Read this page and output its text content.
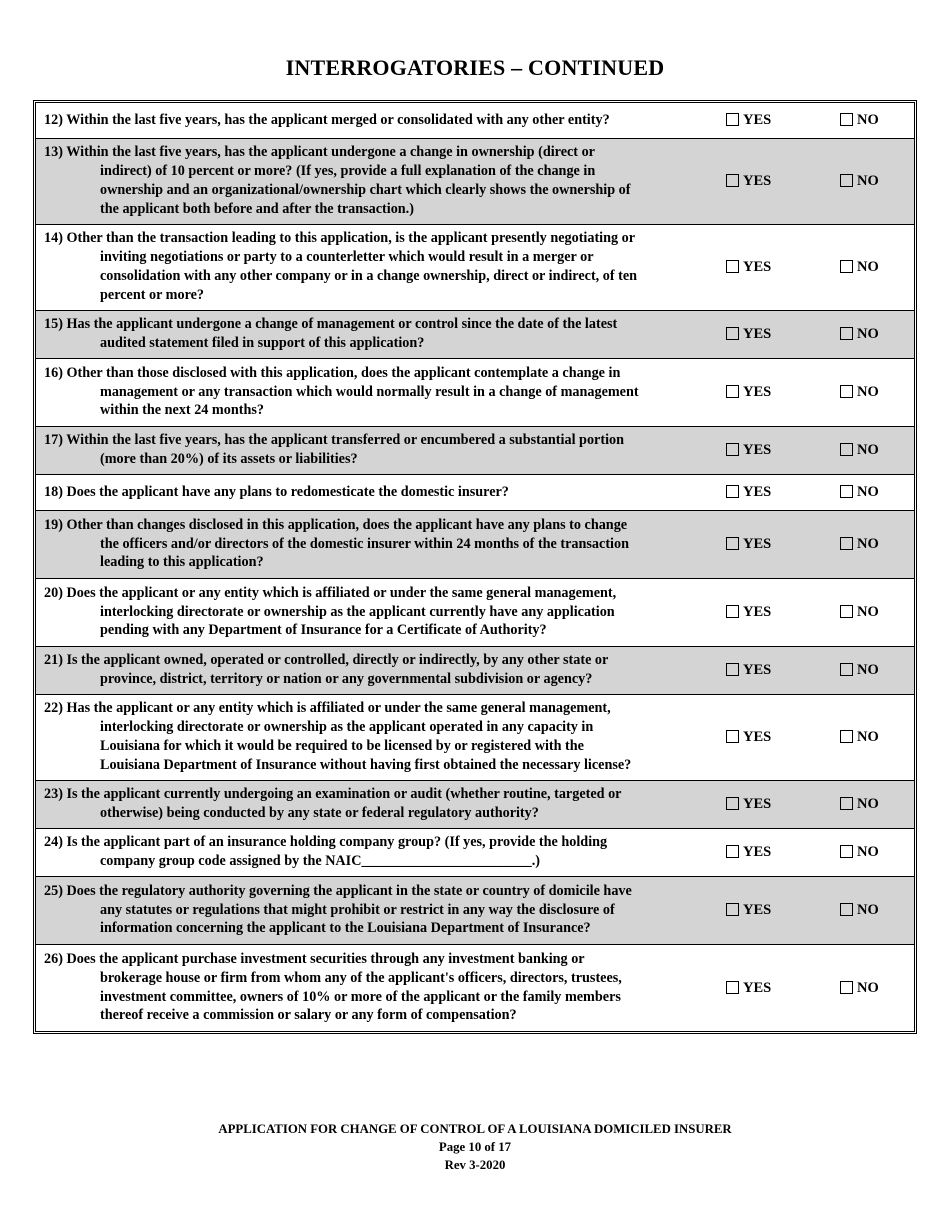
INTERROGATORIES – CONTINUED
12) Within the last five years, has the applicant merged or consolidated with any other entity?	YES	NO
13) Within the last five years, has the applicant undergone a change in ownership (direct or
indirect) of 10 percent or more? (If yes, provide a full explanation of the change in
ownership and an organizational/ownership chart which clearly shows the ownership of
the applicant both before and after the transaction.)
YES	NO
14) Other than the transaction leading to this application, is the applicant presently negotiating or
inviting negotiations or party to a counterletter which would result in a merger or
consolidation with any other company or in a change ownership, direct or indirect, of ten
percent or more?
YES	NO
15) Has the applicant undergone a change of management or control since the date of the latest
audited statement filed in support of this application?
YES	NO
16) Other than those disclosed with this application, does the applicant contemplate a change in
management or any transaction which would normally result in a change of management
within the next 24 months?
YES	NO
17) Within the last five years, has the applicant transferred or encumbered a substantial portion
(more than 20%) of its assets or liabilities?
YES	NO
18) Does the applicant have any plans to redomesticate the domestic insurer?	YES	NO
19) Other than changes disclosed in this application, does the applicant have any plans to change
the officers and/or directors of the domestic insurer within 24 months of the transaction
leading to this application?
YES	NO
20) Does the applicant or any entity which is affiliated or under the same general management,
interlocking directorate or ownership as the applicant currently have any application
pending with any Department of Insurance for a Certificate of Authority?
YES	NO
21) Is the applicant owned, operated or controlled, directly or indirectly, by any other state or
province, district, territory or nation or any governmental subdivision or agency?
YES	NO
22) Has the applicant or any entity which is affiliated or under the same general management,
interlocking directorate or ownership as the applicant operated in any capacity in
Louisiana for which it would be required to be licensed by or registered with the
Louisiana Department of Insurance without having first obtained the necessary license?
YES	NO
23) Is the applicant currently undergoing an examination or audit (whether routine, targeted or
otherwise) being conducted by any state or federal regulatory authority?
YES	NO
24) Is the applicant part of an insurance holding company group? (If yes, provide the holding
company group code assigned by the NAIC________________________.)
YES	NO
25) Does the regulatory authority governing the applicant in the state or country of domicile have
any statutes or regulations that might prohibit or restrict in any way the disclosure of
information concerning the applicant to the Louisiana Department of Insurance?
YES	NO
26) Does the applicant purchase investment securities through any investment banking or
brokerage house or firm from whom any of the applicant's officers, directors, trustees,
investment committee, owners of 10% or more of the applicant or the family members
thereof receive a commission or salary or any form of compensation?
YES	NO
APPLICATION FOR CHANGE OF CONTROL OF A LOUISIANA DOMICILED INSURER
Page 10 of 17
Rev 3-2020
